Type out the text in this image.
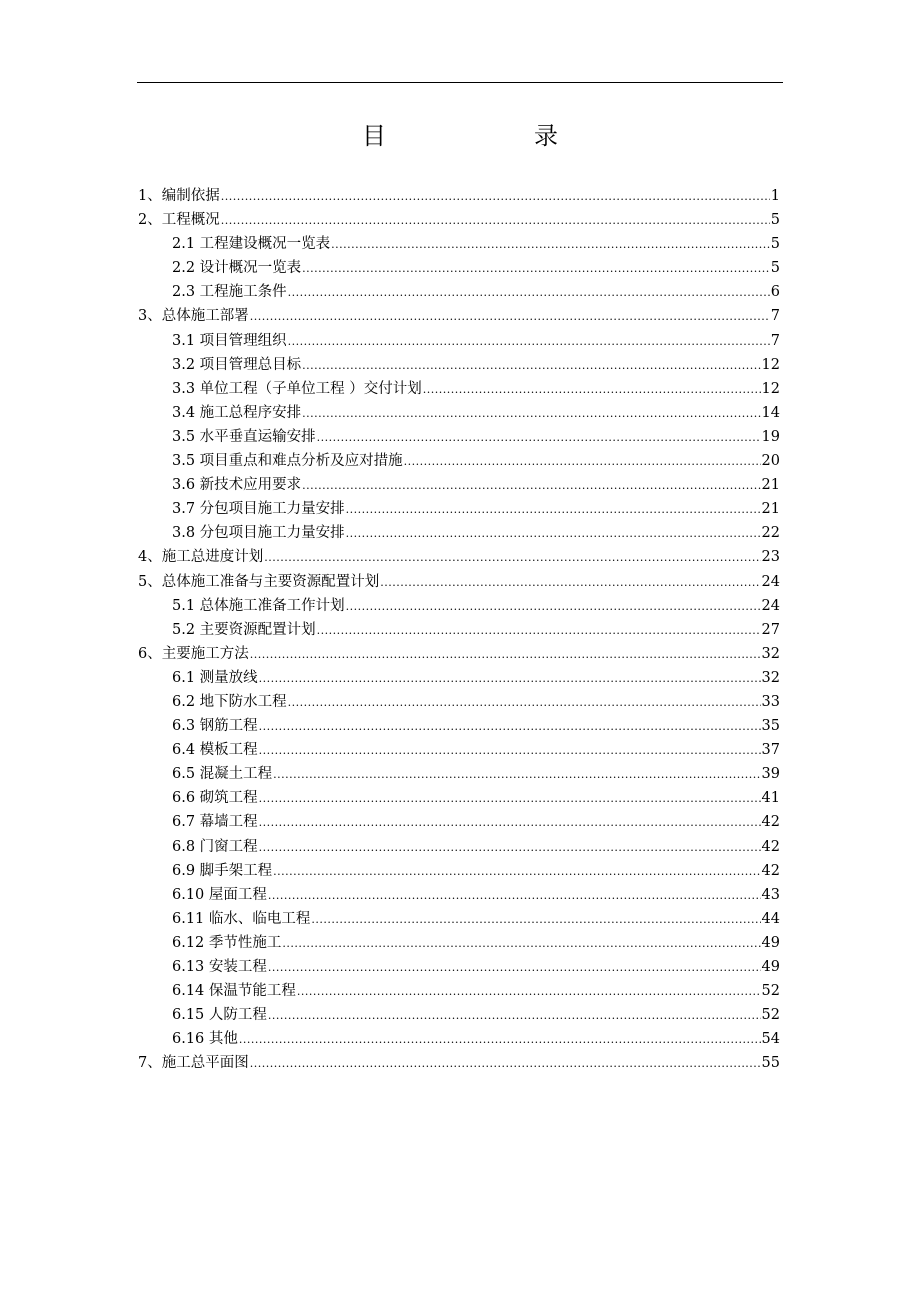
目　录
1、编制依据 .....	1
2、工程概况 .....	5
2.1 工程建设概况一览表 .....	5
2.2 设计概况一览表 .....	5
2.3 工程施工条件 .....	6
3、总体施工部署 .....	7
3.1 项目管理组织 .....	7
3.2 项目管理总目标 .....	12
3.3 单位工程（子单位工程 ）交付计划 .....	12
3.4 施工总程序安排 .....	14
3.5 水平垂直运输安排 .....	19
3.5 项目重点和难点分析及应对措施 .....	20
3.6 新技术应用要求 .....	21
3.7 分包项目施工力量安排 .....	21
3.8 分包项目施工力量安排 .....	22
4、施工总进度计划 .....	23
5、总体施工准备与主要资源配置计划 .....	24
5.1 总体施工准备工作计划 .....	24
5.2 主要资源配置计划 .....	27
6、主要施工方法 .....	32
6.1 测量放线 .....	32
6.2 地下防水工程 .....	33
6.3 钢筋工程 .....	35
6.4 模板工程 .....	37
6.5 混凝土工程 .....	39
6.6 砌筑工程 .....	41
6.7 幕墙工程 .....	42
6.8 门窗工程 .....	42
6.9 脚手架工程 .....	42
6.10 屋面工程 .....	43
6.11 临水、临电工程 .....	44
6.12 季节性施工 .....	49
6.13 安装工程 .....	49
6.14 保温节能工程 .....	52
6.15 人防工程 .....	52
6.16 其他 .....	54
7、施工总平面图 .....	55
